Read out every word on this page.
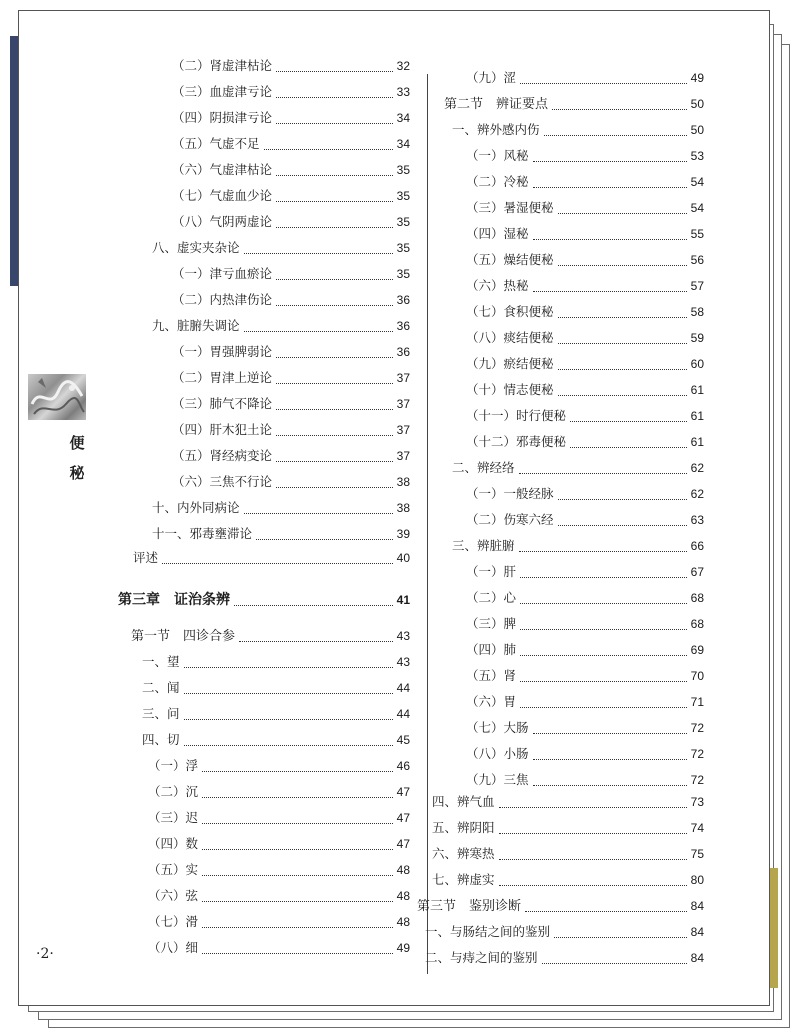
便
秘
（二）肾虚津枯论	32
（三）血虚津亏论	33
（四）阴损津亏论	34
（五）气虚不足	34
（六）气虚津枯论	35
（七）气虚血少论	35
（八）气阴两虚论	35
八、虚实夹杂论	35
（一）津亏血瘀论	35
（二）内热津伤论	36
九、脏腑失调论	36
（一）胃强脾弱论	36
（二）胃津上逆论	37
（三）肺气不降论	37
（四）肝木犯土论	37
（五）肾经病变论	37
（六）三焦不行论	38
十、内外同病论	38
十一、邪毒壅滞论	39
评述	40
第三章　证治条辨	41
第一节　四诊合参	43
一、望	43
二、闻	44
三、问	44
四、切	45
（一）浮	46
（二）沉	47
（三）迟	47
（四）数	47
（五）实	48
（六）弦	48
（七）滑	48
（八）细	49
（九）涩	49
第二节　辨证要点	50
一、辨外感内伤	50
（一）风秘	53
（二）冷秘	54
（三）暑湿便秘	54
（四）湿秘	55
（五）燥结便秘	56
（六）热秘	57
（七）食积便秘	58
（八）痰结便秘	59
（九）瘀结便秘	60
（十）情志便秘	61
（十一）时行便秘	61
（十二）邪毒便秘	61
二、辨经络	62
（一）一般经脉	62
（二）伤寒六经	63
三、辨脏腑	66
（一）肝	67
（二）心	68
（三）脾	68
（四）肺	69
（五）肾	70
（六）胃	71
（七）大肠	72
（八）小肠	72
（九）三焦	72
四、辨气血	73
五、辨阴阳	74
六、辨寒热	75
七、辨虚实	80
第三节　鉴别诊断	84
一、与肠结之间的鉴别	84
二、与痔之间的鉴别	84
·2·
